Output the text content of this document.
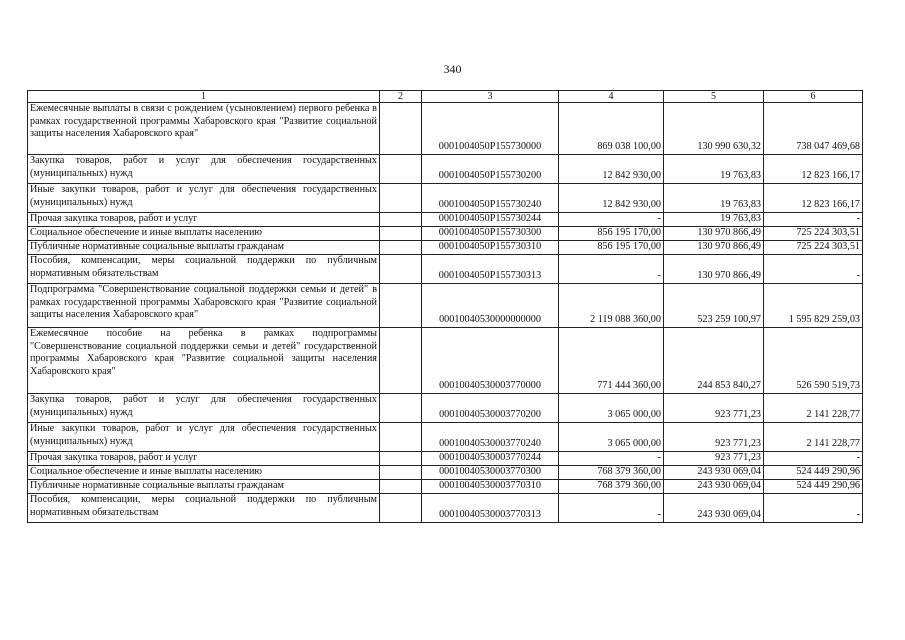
340
1	2	3	4	5	6
Ежемесячные выплаты в связи с рождением (усыновлением) первого ребенка в рамках государственной программы Хабаровского края "Развитие социальной защиты населения Хабаровского края"		0001004050P155730000	869 038 100,00	130 990 630,32	738 047 469,68
Закупка товаров, работ и услуг для обеспечения государственных (муниципальных) нужд		0001004050P155730200	12 842 930,00	19 763,83	12 823 166,17
Иные закупки товаров, работ и услуг для обеспечения государственных (муниципальных) нужд		0001004050P155730240	12 842 930,00	19 763,83	12 823 166,17
Прочая закупка товаров, работ и услуг		0001004050P155730244	-	19 763,83	-
Социальное обеспечение и иные выплаты населению		0001004050P155730300	856 195 170,00	130 970 866,49	725 224 303,51
Публичные нормативные социальные выплаты гражданам		0001004050P155730310	856 195 170,00	130 970 866,49	725 224 303,51
Пособия, компенсации, меры социальной поддержки по публичным нормативным обязательствам		0001004050P155730313	-	130 970 866,49	-
Подпрограмма "Совершенствование социальной поддержки семьи и детей" в рамках государственной программы Хабаровского края "Развитие социальной защиты населения Хабаровского края"		00010040530000000000	2 119 088 360,00	523 259 100,97	1 595 829 259,03
Ежемесячное пособие на ребенка в рамках подпрограммы "Совершенствование социальной поддержки семьи и детей" государственной программы Хабаровского края "Развитие социальной защиты населения Хабаровского края"		00010040530003770000	771 444 360,00	244 853 840,27	526 590 519,73
Закупка товаров, работ и услуг для обеспечения государственных (муниципальных) нужд		00010040530003770200	3 065 000,00	923 771,23	2 141 228,77
Иные закупки товаров, работ и услуг для обеспечения государственных (муниципальных) нужд		00010040530003770240	3 065 000,00	923 771,23	2 141 228,77
Прочая закупка товаров, работ и услуг		00010040530003770244	-	923 771,23	-
Социальное обеспечение и иные выплаты населению		00010040530003770300	768 379 360,00	243 930 069,04	524 449 290,96
Публичные нормативные социальные выплаты гражданам		00010040530003770310	768 379 360,00	243 930 069,04	524 449 290,96
Пособия, компенсации, меры социальной поддержки по публичным нормативным обязательствам		00010040530003770313	-	243 930 069,04	-
